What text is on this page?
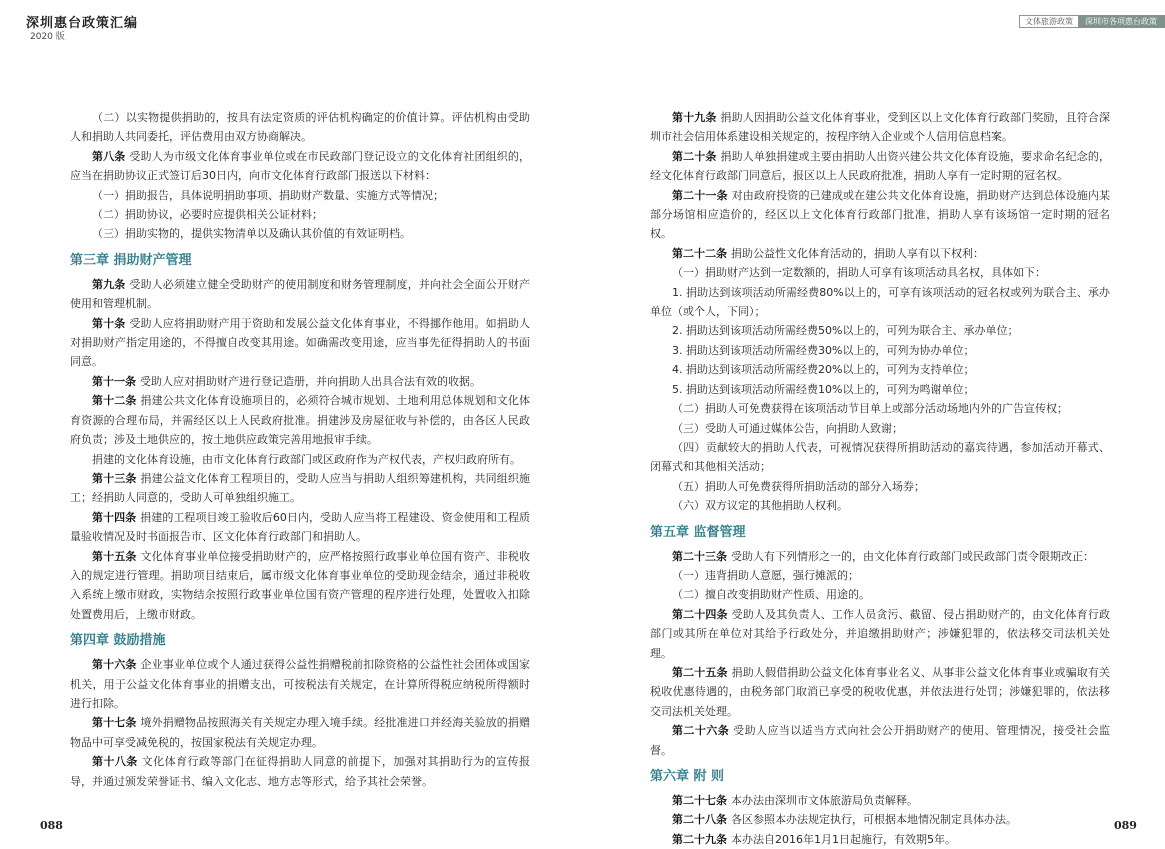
深圳惠台政策汇编
2020 版
文体旅游政策	深圳市各项惠台政策

（二）以实物提供捐助的，按具有法定资质的评估机构确定的价值计算。评估机构由受助人和捐助人共同委托，评估费用由双方协商解决。

第八条 受助人为市级文化体育事业单位或在市民政部门登记设立的文化体育社团组织的，应当在捐助协议正式签订后30日内，向市文化体育行政部门报送以下材料：

（一）捐助报告，具体说明捐助事项、捐助财产数量、实施方式等情况；

（二）捐助协议，必要时应提供相关公证材料；

（三）捐助实物的，提供实物清单以及确认其价值的有效证明档。

第三章 捐助财产管理

第九条 受助人必须建立健全受助财产的使用制度和财务管理制度，并向社会全面公开财产使用和管理机制。

第十条 受助人应将捐助财产用于资助和发展公益文化体育事业，不得挪作他用。如捐助人对捐助财产指定用途的，不得擅自改变其用途。如确需改变用途，应当事先征得捐助人的书面同意。

第十一条 受助人应对捐助财产进行登记造册，并向捐助人出具合法有效的收据。

第十二条 捐建公共文化体育设施项目的，必须符合城市规划、土地利用总体规划和文化体育资源的合理布局，并需经区以上人民政府批准。捐建涉及房屋征收与补偿的，由各区人民政府负责；涉及土地供应的，按土地供应政策完善用地报审手续。

捐建的文化体育设施，由市文化体育行政部门或区政府作为产权代表，产权归政府所有。

第十三条 捐建公益文化体育工程项目的，受助人应当与捐助人组织筹建机构，共同组织施工；经捐助人同意的，受助人可单独组织施工。

第十四条 捐建的工程项目竣工验收后60日内，受助人应当将工程建设、资金使用和工程质量验收情况及时书面报告市、区文化体育行政部门和捐助人。

第十五条 文化体育事业单位接受捐助财产的，应严格按照行政事业单位国有资产、非税收入的规定进行管理。捐助项目结束后，属市级文化体育事业单位的受助现金结余，通过非税收入系统上缴市财政，实物结余按照行政事业单位国有资产管理的程序进行处理，处置收入扣除处置费用后，上缴市财政。

第四章 鼓励措施

第十六条 企业事业单位或个人通过获得公益性捐赠税前扣除资格的公益性社会团体或国家机关，用于公益文化体育事业的捐赠支出，可按税法有关规定，在计算所得税应纳税所得额时进行扣除。

第十七条 境外捐赠物品按照海关有关规定办理入境手续。经批准进口并经海关验放的捐赠物品中可享受减免税的，按国家税法有关规定办理。

第十八条 文化体育行政等部门在征得捐助人同意的前提下，加强对其捐助行为的宣传报导，并通过颁发荣誉证书、编入文化志、地方志等形式，给予其社会荣誉。

第十九条 捐助人因捐助公益文化体育事业，受到区以上文化体育行政部门奖励，且符合深圳市社会信用体系建设相关规定的，按程序纳入企业或个人信用信息档案。

第二十条 捐助人单独捐建或主要由捐助人出资兴建公共文化体育设施，要求命名纪念的，经文化体育行政部门同意后，报区以上人民政府批准，捐助人享有一定时期的冠名权。

第二十一条 对由政府投资的已建成或在建公共文化体育设施，捐助财产达到总体设施内某部分场馆相应造价的，经区以上文化体育行政部门批准，捐助人享有该场馆一定时期的冠名权。

第二十二条 捐助公益性文化体育活动的，捐助人享有以下权利：

（一）捐助财产达到一定数额的，捐助人可享有该项活动具名权，具体如下：

1. 捐助达到该项活动所需经费80%以上的，可享有该项活动的冠名权或列为联合主、承办单位（或个人，下同）；

2. 捐助达到该项活动所需经费50%以上的，可列为联合主、承办单位；

3. 捐助达到该项活动所需经费30%以上的，可列为协办单位；

4. 捐助达到该项活动所需经费20%以上的，可列为支持单位；

5. 捐助达到该项活动所需经费10%以上的，可列为鸣谢单位；

（二）捐助人可免费获得在该项活动节目单上或部分活动场地内外的广告宣传权；

（三）受助人可通过媒体公告，向捐助人致谢；

（四）贡献较大的捐助人代表，可视情况获得所捐助活动的嘉宾待遇，参加活动开幕式、闭幕式和其他相关活动；

（五）捐助人可免费获得所捐助活动的部分入场券；

（六）双方议定的其他捐助人权利。

第五章 监督管理

第二十三条 受助人有下列情形之一的，由文化体育行政部门或民政部门责令限期改正：

（一）违背捐助人意愿，强行摊派的；

（二）擅自改变捐助财产性质、用途的。

第二十四条 受助人及其负责人、工作人员贪污、截留、侵占捐助财产的，由文化体育行政部门或其所在单位对其给予行政处分，并追缴捐助财产；涉嫌犯罪的，依法移交司法机关处理。

第二十五条 捐助人假借捐助公益文化体育事业名义、从事非公益文化体育事业或骗取有关税收优惠待遇的，由税务部门取消已享受的税收优惠，并依法进行处罚；涉嫌犯罪的，依法移交司法机关处理。

第二十六条 受助人应当以适当方式向社会公开捐助财产的使用、管理情况，接受社会监督。

第六章 附 则

第二十七条 本办法由深圳市文体旅游局负责解释。

第二十八条 各区参照本办法规定执行，可根据本地情况制定具体办法。

第二十九条 本办法自2016年1月1日起施行，有效期5年。

088	089
